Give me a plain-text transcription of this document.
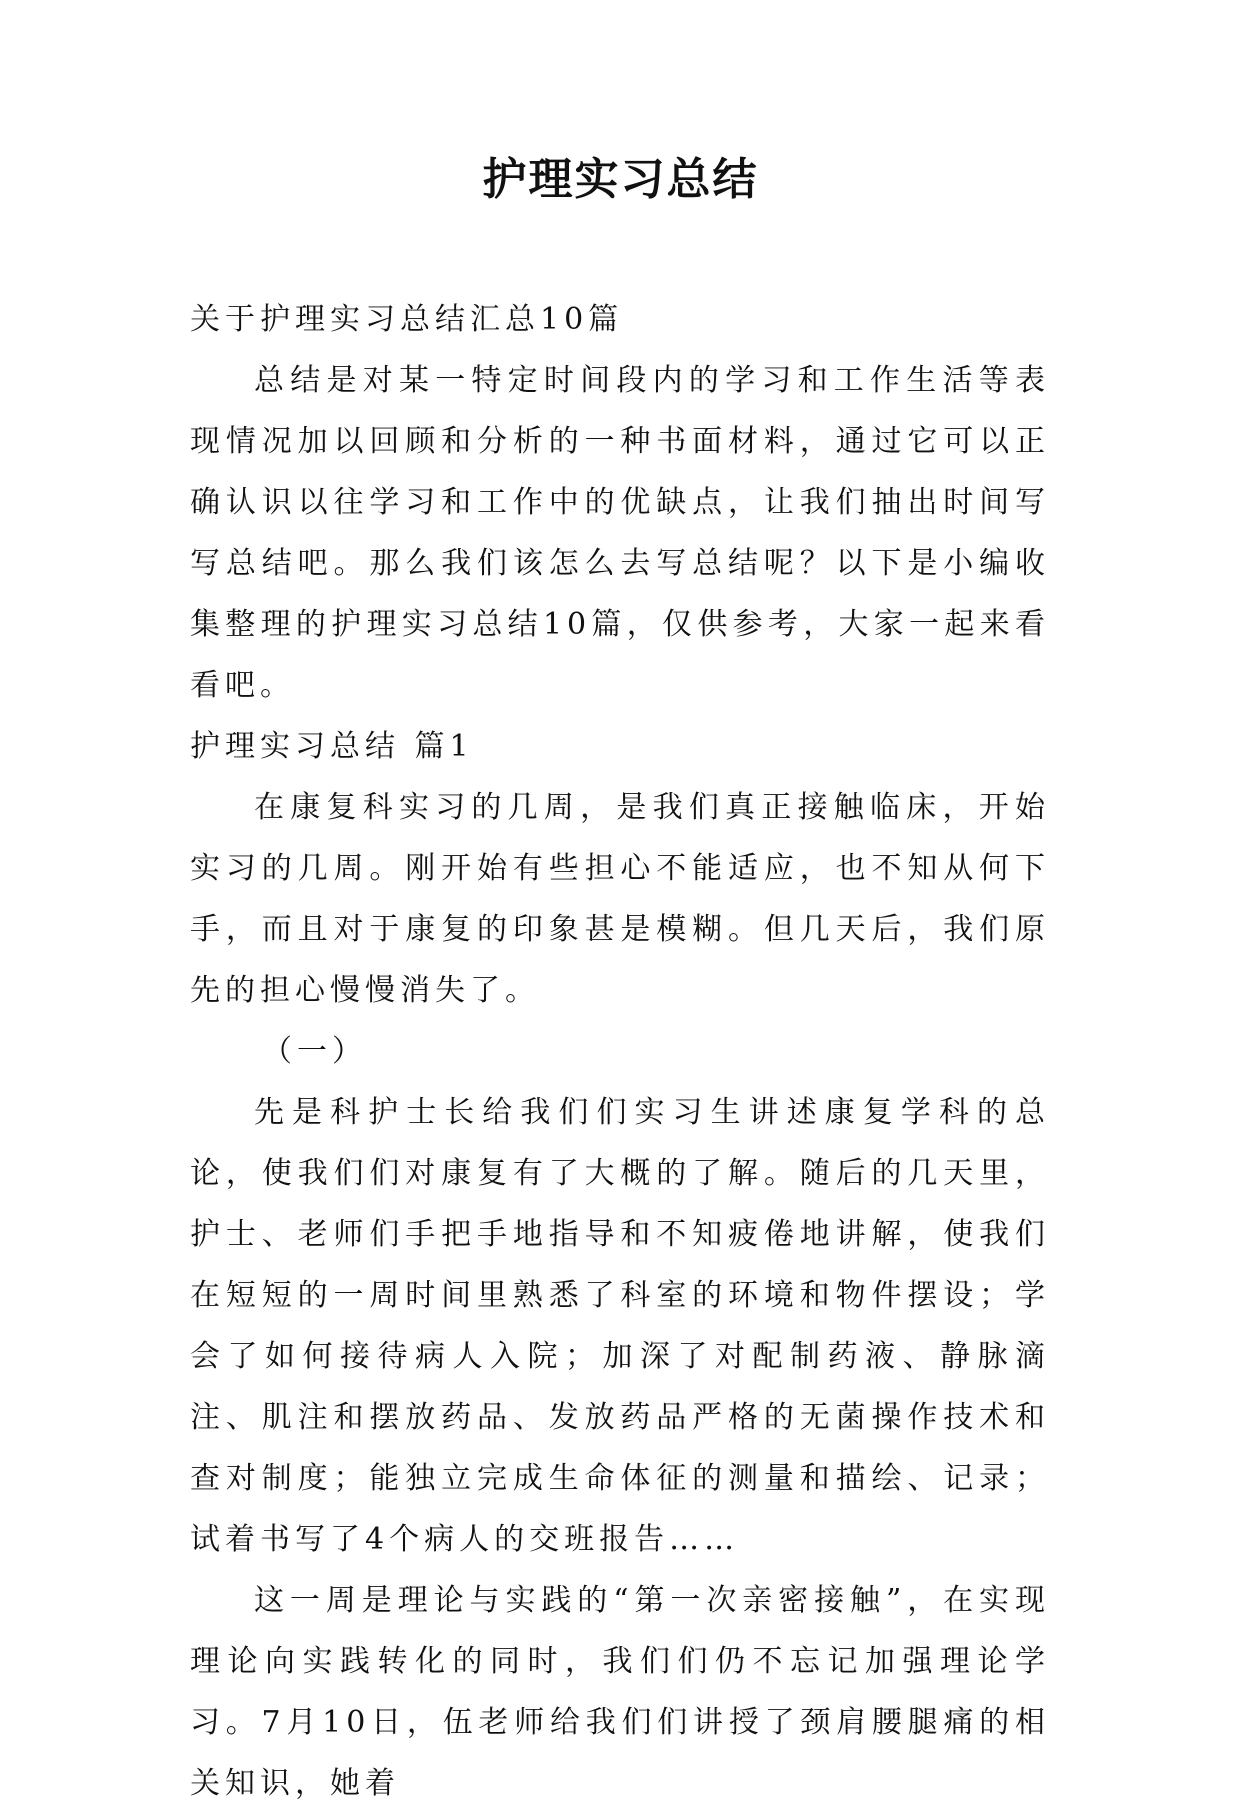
护理实习总结

关于护理实习总结汇总10篇

总结是对某一特定时间段内的学习和工作生活等表现情况加以回顾和分析的一种书面材料，通过它可以正确认识以往学习和工作中的优缺点，让我们抽出时间写写总结吧。那么我们该怎么去写总结呢？以下是小编收集整理的护理实习总结10篇，仅供参考，大家一起来看看吧。

护理实习总结 篇1

在康复科实习的几周，是我们真正接触临床，开始实习的几周。刚开始有些担心不能适应，也不知从何下手，而且对于康复的印象甚是模糊。但几天后，我们原先的担心慢慢消失了。

（一）

先是科护士长给我们们实习生讲述康复学科的总论，使我们们对康复有了大概的了解。随后的几天里，护士、老师们手把手地指导和不知疲倦地讲解，使我们在短短的一周时间里熟悉了科室的环境和物件摆设；学会了如何接待病人入院；加深了对配制药液、静脉滴注、肌注和摆放药品、发放药品严格的无菌操作技术和查对制度；能独立完成生命体征的测量和描绘、记录；试着书写了4个病人的交班报告……

这一周是理论与实践的“第一次亲密接触”，在实现理论向实践转化的同时，我们们仍不忘记加强理论学习。7月10日，伍老师给我们们讲授了颈肩腰腿痛的相关知识，她着
